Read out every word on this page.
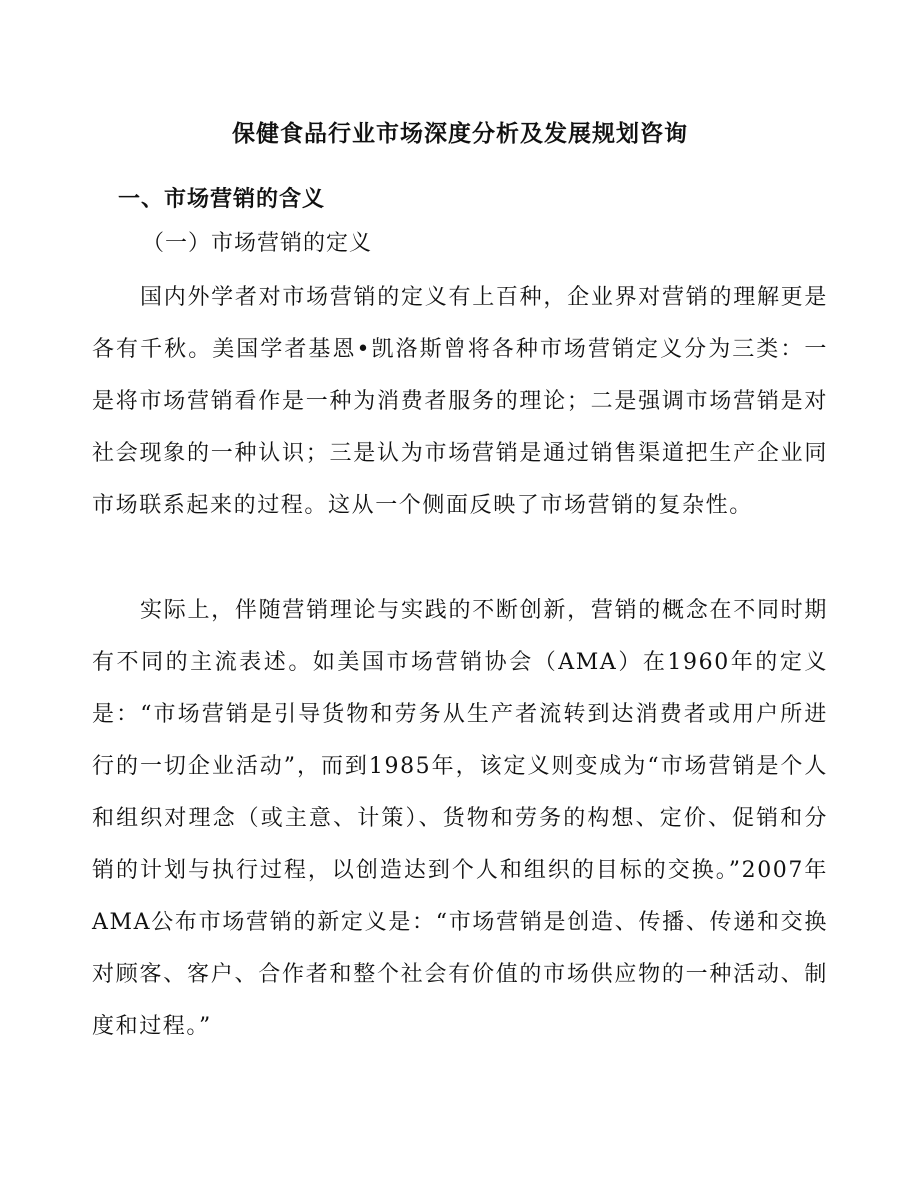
保健食品行业市场深度分析及发展规划咨询
一、市场营销的含义
（一）市场营销的定义

国内外学者对市场营销的定义有上百种，企业界对营销的理解更是各有千秋。美国学者基恩•凯洛斯曾将各种市场营销定义分为三类：一是将市场营销看作是一种为消费者服务的理论；二是强调市场营销是对社会现象的一种认识；三是认为市场营销是通过销售渠道把生产企业同市场联系起来的过程。这从一个侧面反映了市场营销的复杂性。

实际上，伴随营销理论与实践的不断创新，营销的概念在不同时期有不同的主流表述。如美国市场营销协会（AMA）在1960年的定义是：“市场营销是引导货物和劳务从生产者流转到达消费者或用户所进行的一切企业活动”，而到1985年，该定义则变成为“市场营销是个人和组织对理念（或主意、计策）、货物和劳务的构想、定价、促销和分销的计划与执行过程，以创造达到个人和组织的目标的交换。”2007年AMA公布市场营销的新定义是：“市场营销是创造、传播、传递和交换对顾客、客户、合作者和整个社会有价值的市场供应物的一种活动、制度和过程。”
